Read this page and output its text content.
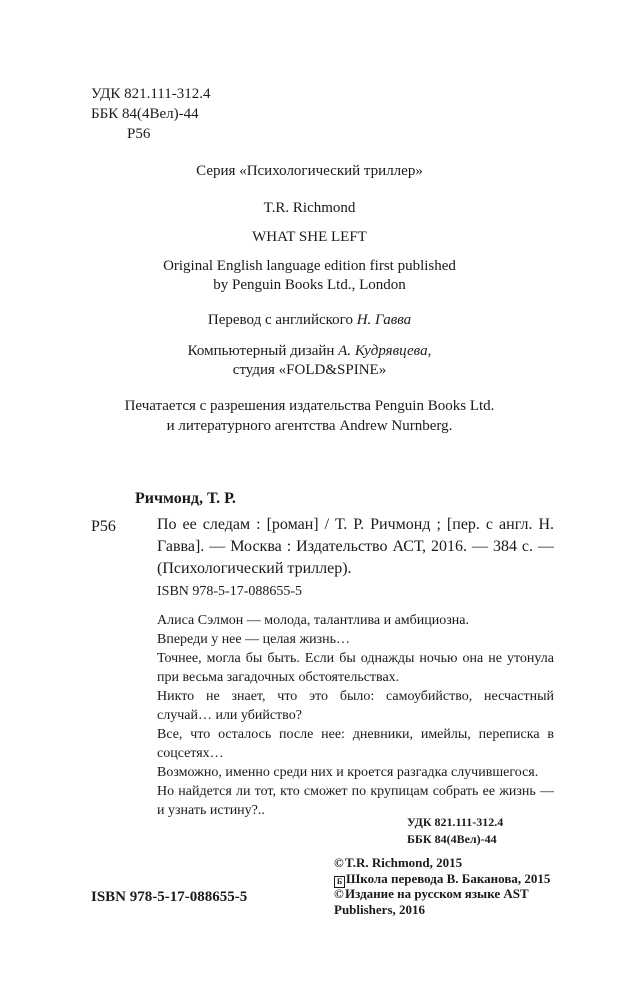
УДК 821.111-312.4
ББК 84(4Вел)-44
Р56
Серия «Психологический триллер»
T.R. Richmond
WHAT SHE LEFT
Original English language edition first published
by Penguin Books Ltd., London
Перевод с английского Н. Гавва
Компьютерный дизайн А. Кудрявцева,
студия «FOLD&SPINE»
Печатается с разрешения издательства Penguin Books Ltd.
и литературного агентства Andrew Nurnberg.
Ричмонд, Т. Р.
Р56	По ее следам : [роман] / Т. Р. Ричмонд ; [пер. с англ. Н. Гавва]. — Москва : Издательство АСТ, 2016. — 384 с. — (Психологический триллер).
ISBN 978-5-17-088655-5

Алиса Сэлмон — молода, талантлива и амбициозна.

Впереди у нее — целая жизнь…

Точнее, могла бы быть. Если бы однажды ночью она не утонула при весьма загадочных обстоятельствах.

Никто не знает, что это было: самоубийство, несчастный случай… или убийство?

Все, что осталось после нее: дневники, имейлы, переписка в соцсетях…

Возможно, именно среди них и кроется разгадка случившегося.

Но найдется ли тот, кто сможет по крупицам собрать ее жизнь — и узнать истину?..

УДК 821.111-312.4
ББК 84(4Вел)-44
©T.R. Richmond, 2015
Б Школа перевода В. Баканова, 2015
©Издание на русском языке AST
Publishers, 2016
ISBN 978-5-17-088655-5
